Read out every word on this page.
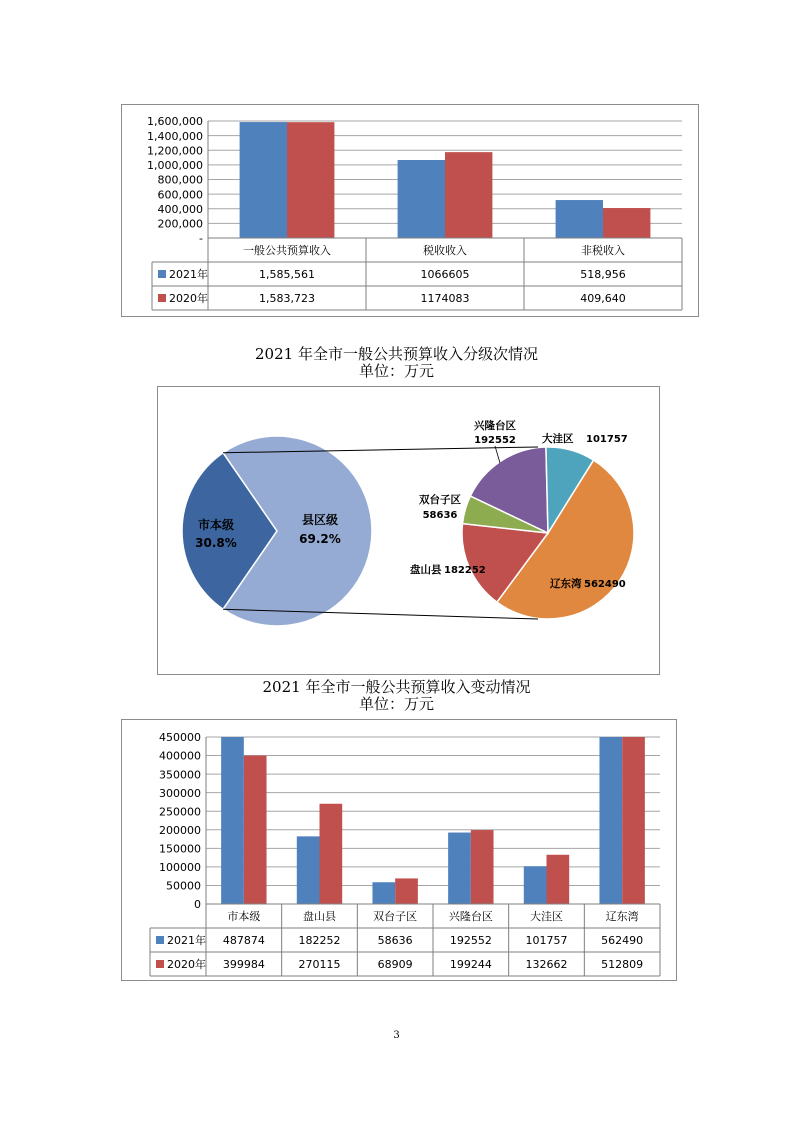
-
200,000
400,000
600,000
800,000
1,000,000
1,200,000
1,400,000
1,600,000
一般公共预算收入	税收收入	非税收入
2021年	1,585,561	1066605	518,956
2020年	1,583,723	1174083	409,640
2021 年全市一般公共预算收入分级次情况
单位：万元
市本级
30.8%
县区级
69.2%
兴隆台区
192552 大洼区 101757
双台子区
58636
盘山县 182252
辽东湾 562490
2021 年全市一般公共预算收入变动情况
单位：万元
0
50000
100000
150000
200000
250000
300000
350000
400000
450000
市本级	盘山县	双台子区	兴隆台区	大洼区	辽东湾
2021年 487874	182252	58636	192552	101757	562490
2020年 399984	270115	68909	199244	132662	512809
3
